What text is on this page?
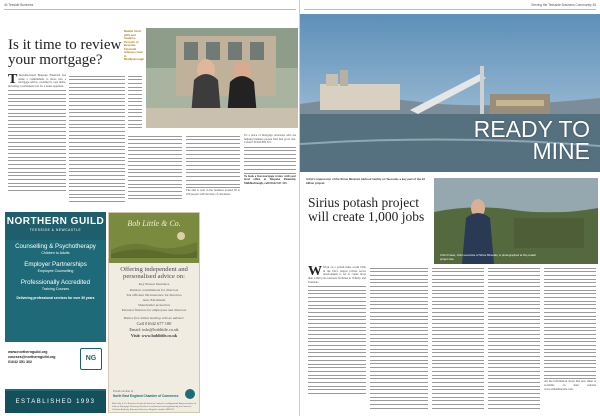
44 Teeside Business
Is it time to review your mortgage?
Natalie Scott (left) and Suzanne Piroschi of Bespoke Financial Advisers have in Middlesbrough
T Teesside-based Bespoke Financial has made a commitment to move into a mortgage advice, creating its own niche, including a permanent role for a home appraiser.
The aim to start in the business around 50 to 100 people with the help of customers.
It's a place of mortgage reviewers who are helping business people find that good rate. Contact 01642 883 321.
To book a free mortgage review with your local office at Bespoke Financial, Middlesbrough, call 01642 611 325.
NORTHERN GUILD
TEESSIDE & NEWCASTLE
Counselling & Psychotherapy
Children to Adults
Employer Partnerships
Employee Counselling
Professionally Accredited
Training Courses
Delivering professional services for over 30 years
www.northernguild.org
courses@northernguild.org
01642 351 302	NG
ESTABLISHED 1993
Bob Little & Co.
Offering independent and personalised advice on:
Key Person Insurance
Pension contributions for directors
Tax efficient life insurance for directors
Auto Enrolment
Shareholder protection
Personal finances for employees and directors
Book a free initial meeting with an adviser:
Call 01642 677 100
Email: info@boblittle.co.uk
Visit: www.boblittle.co.uk
Proud member of
North East England Chamber of Commerce
Bob Little & Co. Business Financial Services Limited is an Appointed Representative of Intrinsic Mortgage Planning Ltd which is authorised and regulated by the Financial Conduct Authority (Financial Services Register number 588127).
Serving the Teesside Business Community 45
READY TO MINE
Artist's impression of the Sirius Minerals harbour facility on Teesside, a key part of the £2 billion project.
Sirius potash project will create 1,000 jobs
Chris Fraser, chief executive of Sirius Minerals, is photographed at the potash project site.
W Work on a potash mine worth £2bn in the UK's largest private sector development is set to create more than 1,000 jobs between facilities at Whitby and Teesside.
All the information about this new mine is available on their website www.siriusminerals.com.
